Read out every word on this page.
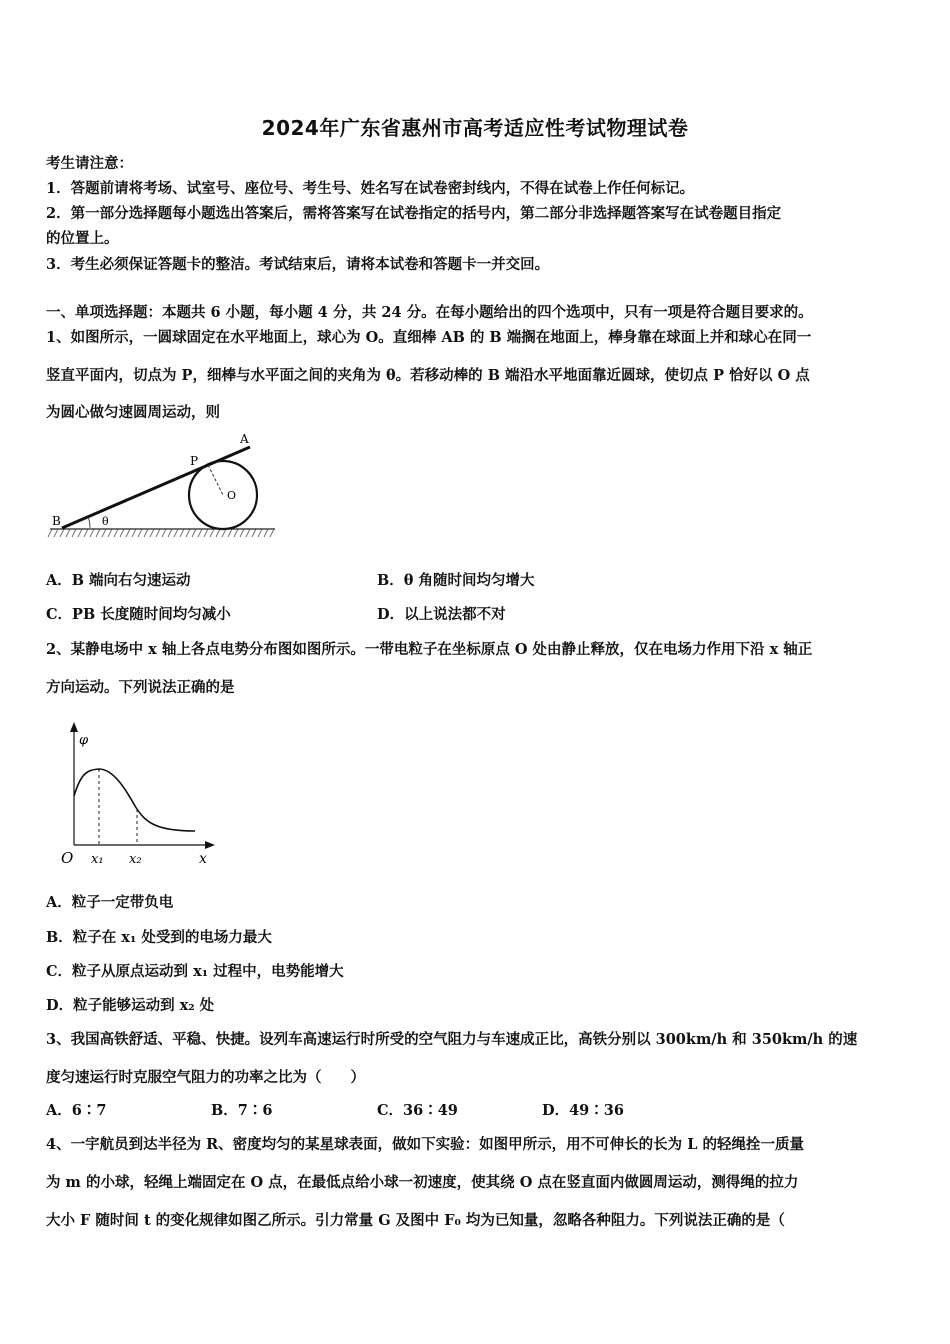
2024年广东省惠州市高考适应性考试物理试卷
考生请注意：
1．答题前请将考场、试室号、座位号、考生号、姓名写在试卷密封线内，不得在试卷上作任何标记。
2．第一部分选择题每小题选出答案后，需将答案写在试卷指定的括号内，第二部分非选择题答案写在试卷题目指定
的位置上。
3．考生必须保证答题卡的整洁。考试结束后，请将本试卷和答题卡一并交回。
一、单项选择题：本题共 6 小题，每小题 4 分，共 24 分。在每小题给出的四个选项中，只有一项是符合题目要求的。
1、如图所示，一圆球固定在水平地面上，球心为 O。直细棒 AB 的 B 端搁在地面上，棒身靠在球面上并和球心在同一
竖直平面内，切点为 P，细棒与水平面之间的夹角为 θ。若移动棒的 B 端沿水平地面靠近圆球，使切点 P 恰好以 O 点
为圆心做匀速圆周运动，则
A
P
O
B	θ
A．B 端向右匀速运动	B．θ 角随时间均匀增大
C．PB 长度随时间均匀减小	D．以上说法都不对
2、某静电场中 x 轴上各点电势分布图如图所示。一带电粒子在坐标原点 O 处由静止释放，仅在电场力作用下沿 x 轴正
方向运动。下列说法正确的是
φ
O x₁ x₂	x
A．粒子一定带负电
B．粒子在 x₁ 处受到的电场力最大
C．粒子从原点运动到 x₁ 过程中，电势能增大
D．粒子能够运动到 x₂ 处
3、我国高铁舒适、平稳、快捷。设列车高速运行时所受的空气阻力与车速成正比，高铁分别以 300km/h 和 350km/h 的速
度匀速运行时克服空气阻力的功率之比为（　　）
A．6∶7	B．7∶6	C．36∶49	D．49∶36
4、一宇航员到达半径为 R、密度均匀的某星球表面，做如下实验：如图甲所示，用不可伸长的长为 L 的轻绳拴一质量
为 m 的小球，轻绳上端固定在 O 点，在最低点给小球一初速度，使其绕 O 点在竖直面内做圆周运动，测得绳的拉力
大小 F 随时间 t 的变化规律如图乙所示。引力常量 G 及图中 F₀ 均为已知量，忽略各种阻力。下列说法正确的是（
